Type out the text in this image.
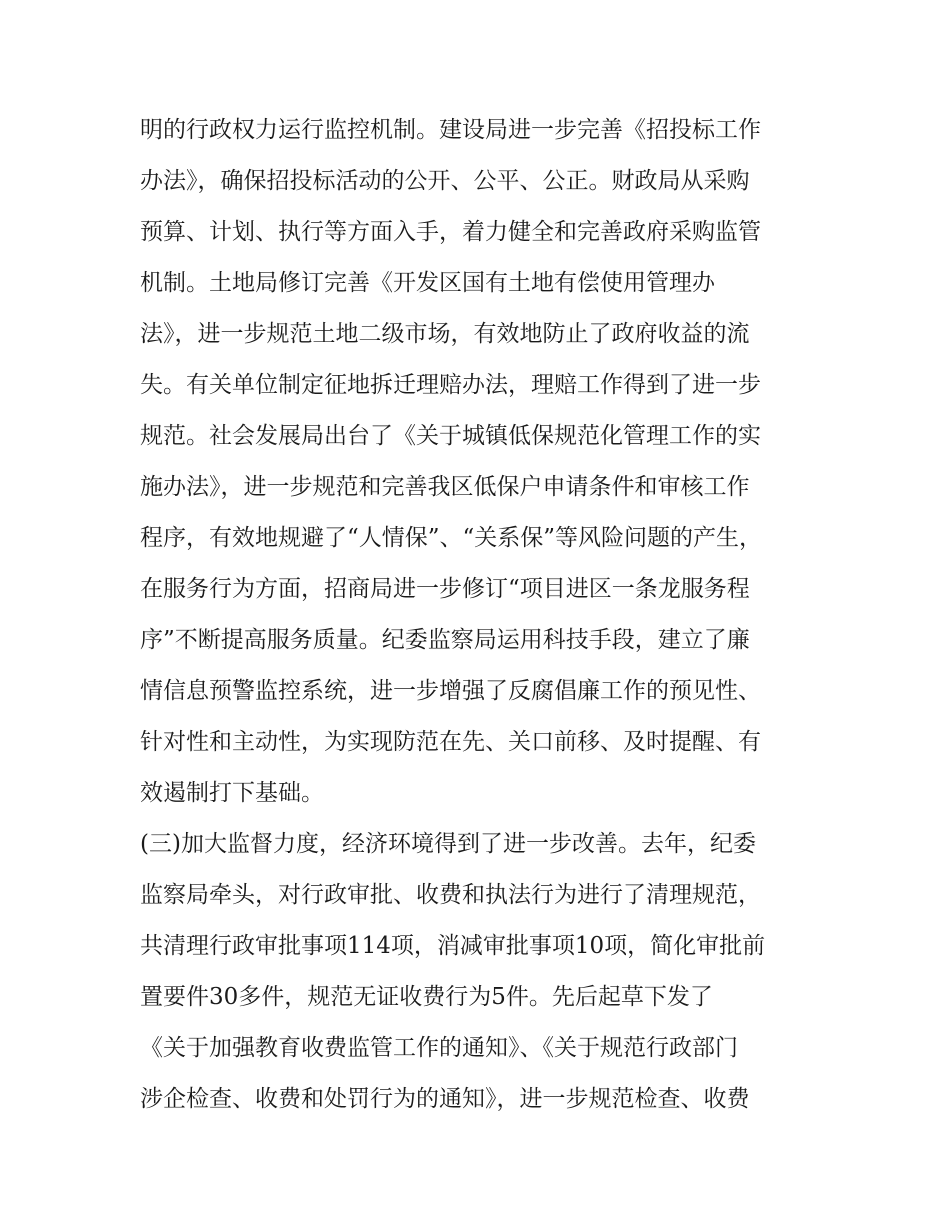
明的行政权力运行监控机制。建设局进一步完善《招投标工作
办法》，确保招投标活动的公开、公平、公正。财政局从采购
预算、计划、执行等方面入手，着力健全和完善政府采购监管
机制。土地局修订完善《开发区国有土地有偿使用管理办
法》，进一步规范土地二级市场，有效地防止了政府收益的流
失。有关单位制定征地拆迁理赔办法，理赔工作得到了进一步
规范。社会发展局出台了《关于城镇低保规范化管理工作的实
施办法》，进一步规范和完善我区低保户申请条件和审核工作
程序，有效地规避了“人情保”、“关系保”等风险问题的产生，
在服务行为方面，招商局进一步修订“项目进区一条龙服务程
序”不断提高服务质量。纪委监察局运用科技手段，建立了廉
情信息预警监控系统，进一步增强了反腐倡廉工作的预见性、
针对性和主动性，为实现防范在先、关口前移、及时提醒、有
效遏制打下基础。
(三)加大监督力度，经济环境得到了进一步改善。去年，纪委
监察局牵头，对行政审批、收费和执法行为进行了清理规范，
共清理行政审批事项114项，消减审批事项10项，简化审批前
置要件30多件，规范无证收费行为5件。先后起草下发了
《关于加强教育收费监管工作的通知》、《关于规范行政部门
涉企检查、收费和处罚行为的通知》，进一步规范检查、收费
